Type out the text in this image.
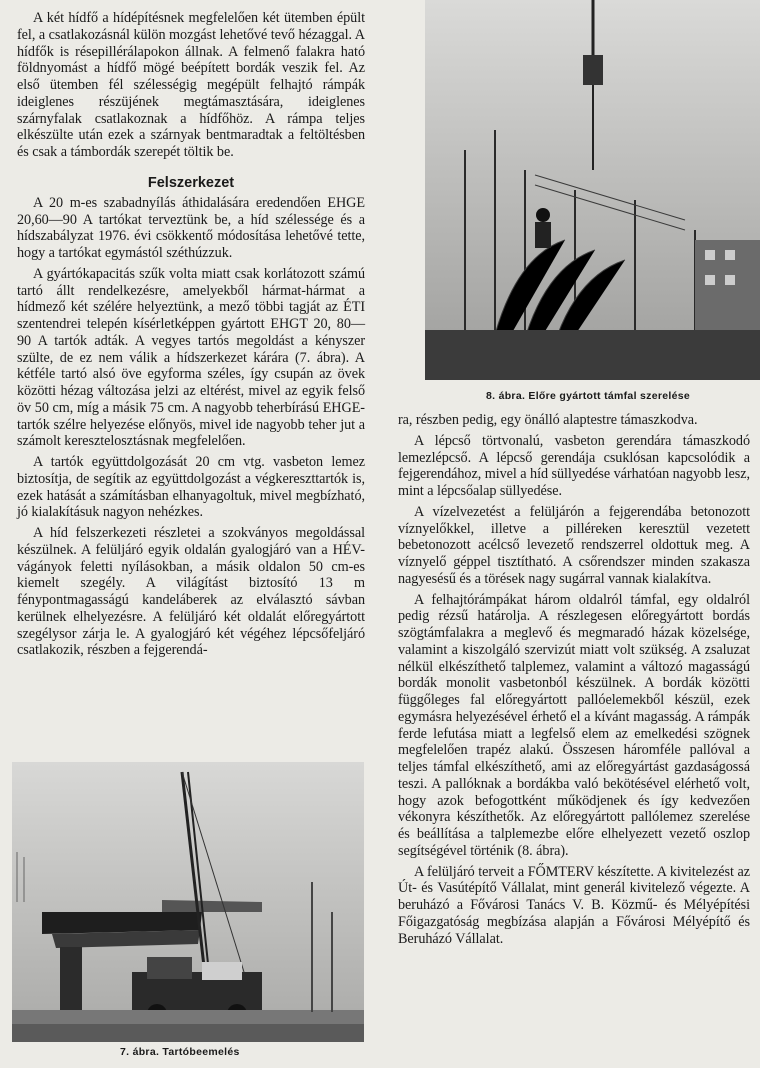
A két hídfő a hídépítésnek megfelelően két ütemben épült fel, a csatlakozásnál külön mozgást lehetővé tevő hézaggal. A hídfők is résepillérálapokon állnak. A felmenő falakra ható földnyomást a hídfő mögé beépített bordák veszik fel. Az első ütemben fél szélességig megépült felhajtó rámpák ideiglenes részüjének megtámasztására, ideiglenes szárnyfalak csatlakoznak a hídfőhöz. A rámpa teljes elkészülte után ezek a szárnyak bentmaradtak a feltöltésben és csak a támbordák szerepét töltik be.

Felszerkezet

A 20 m-es szabadnyílás áthidalására eredendően EHGE 20,60—90 A tartókat terveztünk be, a híd szélessége és a hídszabályzat 1976. évi csökkentő módosítása lehetővé tette, hogy a tartókat egymástól széthúzzuk.

A gyártókapacitás szűk volta miatt csak korlátozott számú tartó állt rendelkezésre, amelyekből hármat-hármat a hídmező két szélére helyeztünk, a mező többi tagját az ÉTI szentendrei telepén kísérletképpen gyártott EHGT 20, 80—90 A tartók adták. A vegyes tartós megoldást a kényszer szülte, de ez nem válik a hídszerkezet kárára (7. ábra). A kétféle tartó alsó öve egyforma széles, így csupán az övek közötti hézag változása jelzi az eltérést, mivel az egyik felső öv 50 cm, míg a másik 75 cm. A nagyobb teherbírású EHGE-tartók szélre helyezése előnyös, mivel ide nagyobb teher jut a számolt keresztelosztásnak megfelelően.

A tartók együttdolgozását 20 cm vtg. vasbeton lemez biztosítja, de segítik az együttdolgozást a végkereszttartók is, ezek hatását a számításban elhanyagoltuk, mivel megbízható, jó kialakításuk nagyon nehézkes.

A híd felszerkezeti részletei a szokványos megoldással készülnek. A felüljáró egyik oldalán gyalogjáró van a HÉV-vágányok feletti nyílásokban, a másik oldalon 50 cm-es kiemelt szegély. A világítást biztosító 13 m fénypontmagasságú kandeláberek az elválasztó sávban kerülnek elhelyezésre. A felüljáró két oldalát előregyártott szegélysor zárja le. A gyalogjáró két végéhez lépcsőfeljáró csatlakozik, részben a fejgerendá-

7. ábra. Tartóbeemelés
8. ábra. Előre gyártott támfal szerelése

ra, részben pedig, egy önálló alaptestre támaszkodva.

A lépcső törtvonalú, vasbeton gerendára támaszkodó lemezlépcső. A lépcső gerendája csuklósan kapcsolódik a fejgerendához, mivel a híd süllyedése várhatóan nagyobb lesz, mint a lépcsőalap süllyedése.

A vízelvezetést a felüljárón a fejgerendába betonozott víznyelőkkel, illetve a pilléreken keresztül vezetett bebetonozott acélcső levezető rendszerrel oldottuk meg. A víznyelő géppel tisztítható. A csőrendszer minden szakasza nagyesésű és a törések nagy sugárral vannak kialakítva.

A felhajtórámpákat három oldalról támfal, egy oldalról pedig rézsű határolja. A részlegesen előregyártott bordás szögtámfalakra a meglevő és megmaradó házak közelsége, valamint a kiszolgáló szervizút miatt volt szükség. A zsaluzat nélkül elkészíthető talplemez, valamint a változó magasságú bordák monolit vasbetonból készülnek. A bordák közötti függőleges fal előregyártott pallóelemekből készül, ezek egymásra helyezésével érhető el a kívánt magasság. A rámpák ferde lefutása miatt a legfelső elem az emelkedési szögnek megfelelően trapéz alakú. Összesen háromféle pallóval a teljes támfal elkészíthető, ami az előregyártást gazdaságossá teszi. A pallóknak a bordákba való bekötésével elérhető volt, hogy azok befogottként működjenek és így kedvezően vékonyra készíthetők. Az előregyártott pallólemez szerelése és beállítása a talplemezbe előre elhelyezett vezető oszlop segítségével történik (8. ábra).

A felüljáró terveit a FŐMTERV készítette. A kivitelezést az Út- és Vasútépítő Vállalat, mint generál kivitelező végezte. A beruházó a Fővárosi Tanács V. B. Közmű- és Mélyépítési Főigazgatóság megbízása alapján a Fővárosi Mélyépítő és Beruházó Vállalat.
